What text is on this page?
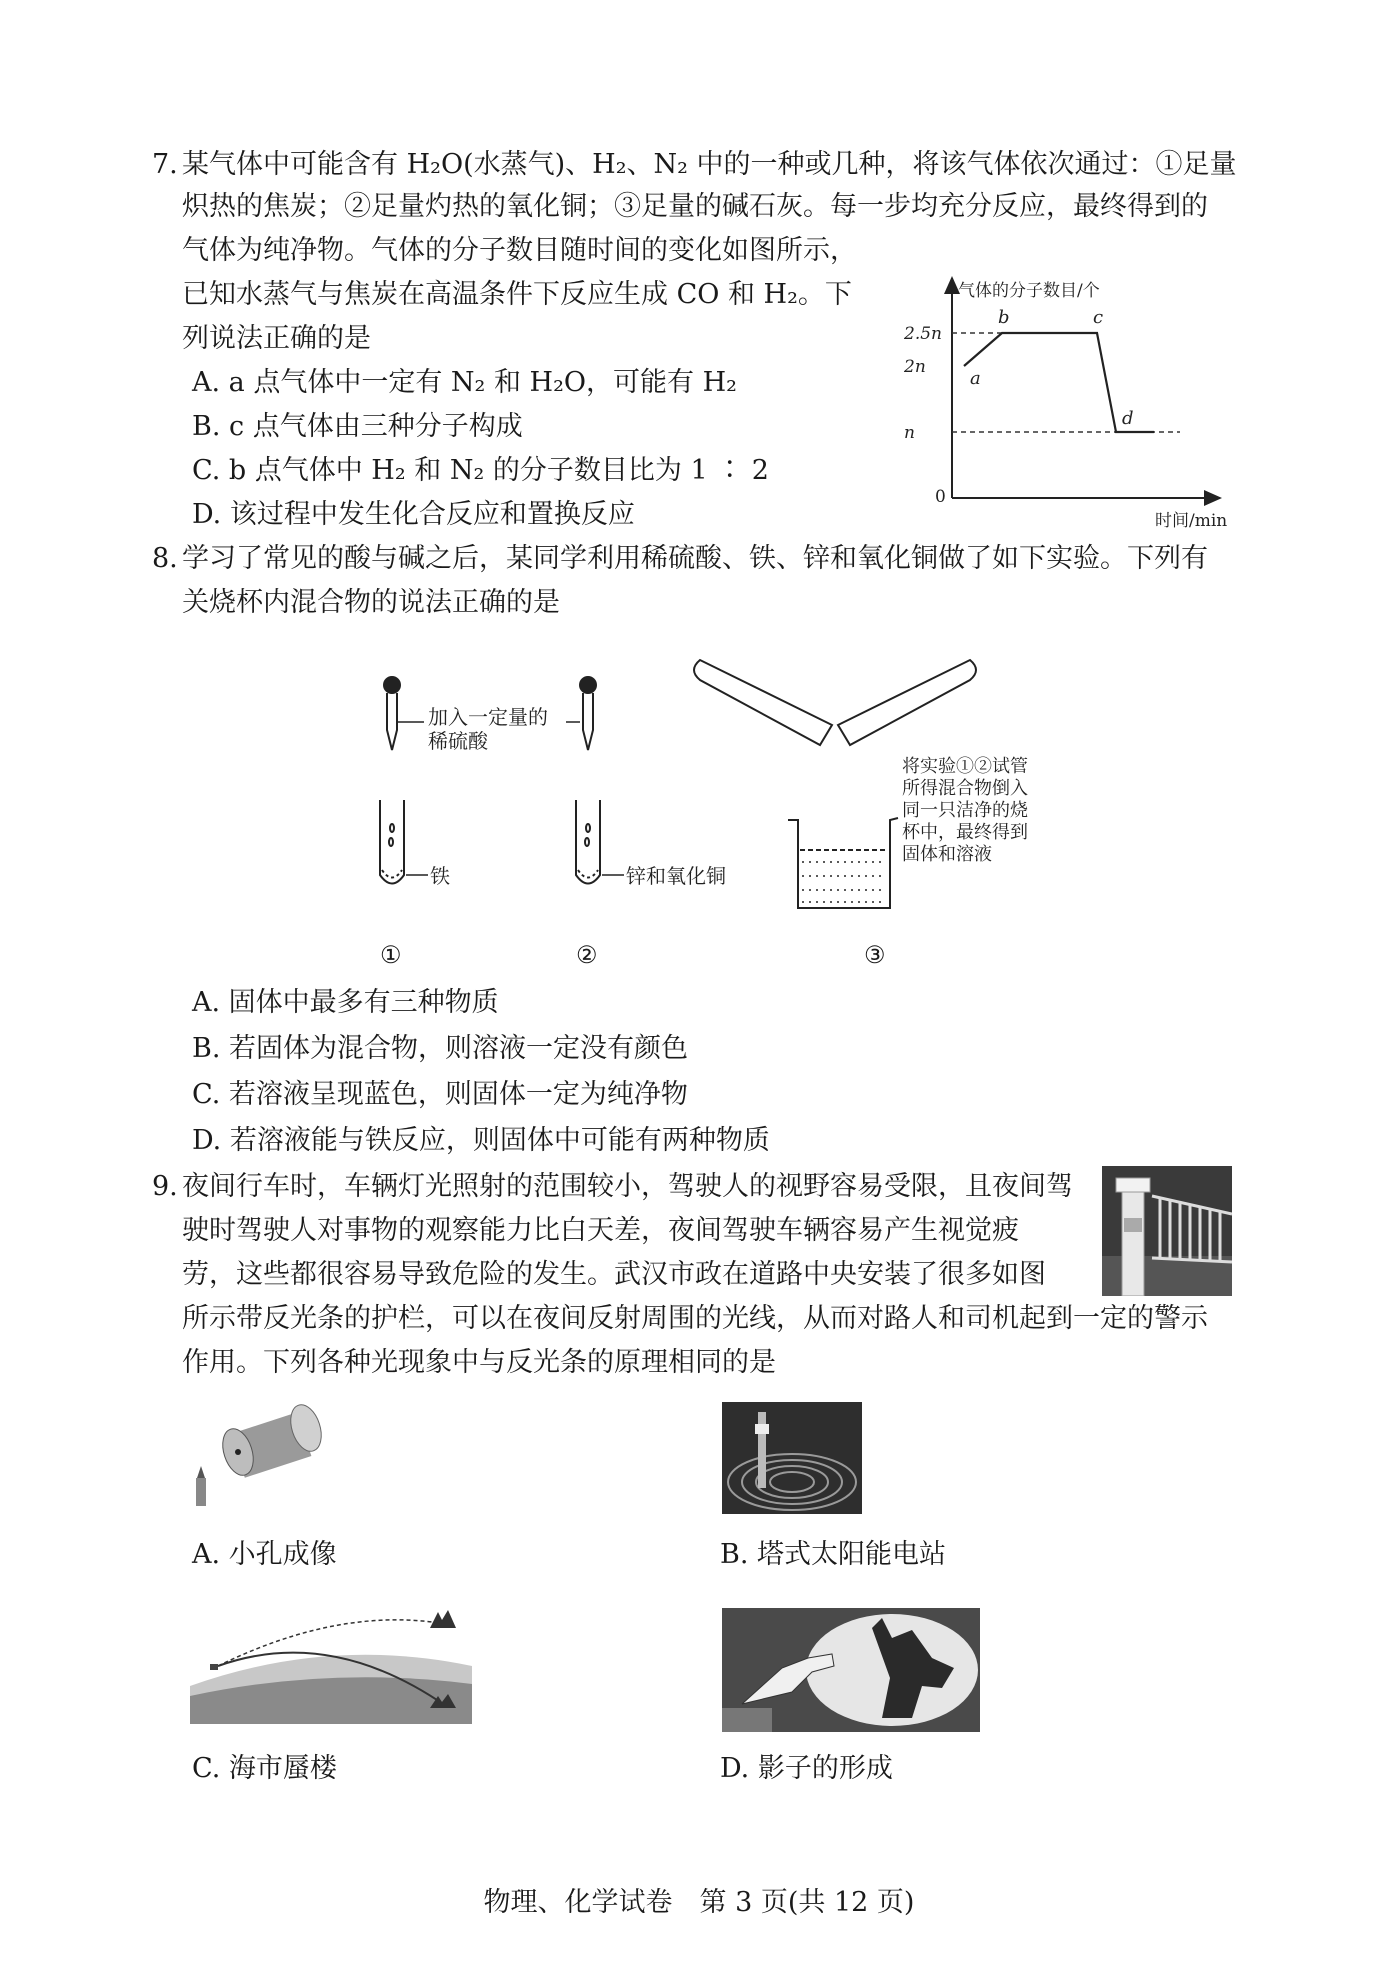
7. 某气体中可能含有 H₂O(水蒸气)、H₂、N₂ 中的一种或几种，将该气体依次通过：①足量
炽热的焦炭；②足量灼热的氧化铜；③足量的碱石灰。每一步均充分反应，最终得到的
气体为纯净物。气体的分子数目随时间的变化如图所示，
已知水蒸气与焦炭在高温条件下反应生成 CO 和 H₂。下
列说法正确的是
A. a 点气体中一定有 N₂ 和 H₂O，可能有 H₂
B. c 点气体由三种分子构成
C. b 点气体中 H₂ 和 N₂ 的分子数目比为 1 ∶ 2
D. 该过程中发生化合反应和置换反应
2.5n
2n
n
a
b	c
d
气体的分子数目/个
时间/min
0
8. 学习了常见的酸与碱之后，某同学利用稀硫酸、铁、锌和氧化铜做了如下实验。下列有
关烧杯内混合物的说法正确的是
铁
加入一定量的
稀硫酸
锌和氧化铜
将实验①②试管
所得混合物倒入
同一只洁净的烧
杯中，最终得到
固体和溶液
①	②	③
A. 固体中最多有三种物质
B. 若固体为混合物，则溶液一定没有颜色
C. 若溶液呈现蓝色，则固体一定为纯净物
D. 若溶液能与铁反应，则固体中可能有两种物质
9. 夜间行车时，车辆灯光照射的范围较小，驾驶人的视野容易受限，且夜间驾
驶时驾驶人对事物的观察能力比白天差，夜间驾驶车辆容易产生视觉疲
劳，这些都很容易导致危险的发生。武汉市政在道路中央安装了很多如图
所示带反光条的护栏，可以在夜间反射周围的光线，从而对路人和司机起到一定的警示
作用。下列各种光现象中与反光条的原理相同的是
A. 小孔成像	B. 塔式太阳能电站
C. 海市蜃楼	D. 影子的形成
物理、化学试卷　第 3 页(共 12 页)
